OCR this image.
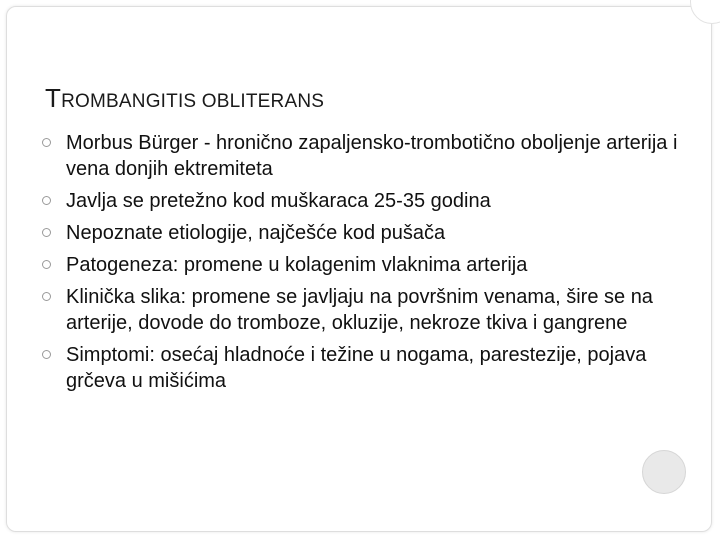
TROMBANGITIS OBLITERANS
Morbus Bürger - hronično zapaljensko-trombotično oboljenje arterija i vena donjih ektremiteta
Javlja se pretežno kod muškaraca 25-35 godina
Nepoznate etiologije, najčešće kod pušača
Patogeneza: promene u kolagenim vlaknima arterija
Klinička slika: promene se javljaju na površnim venama, šire se na arterije, dovode do tromboze, okluzije, nekroze tkiva i gangrene
Simptomi: osećaj hladnoće i težine u nogama, parestezije, pojava grčeva u mišićima
